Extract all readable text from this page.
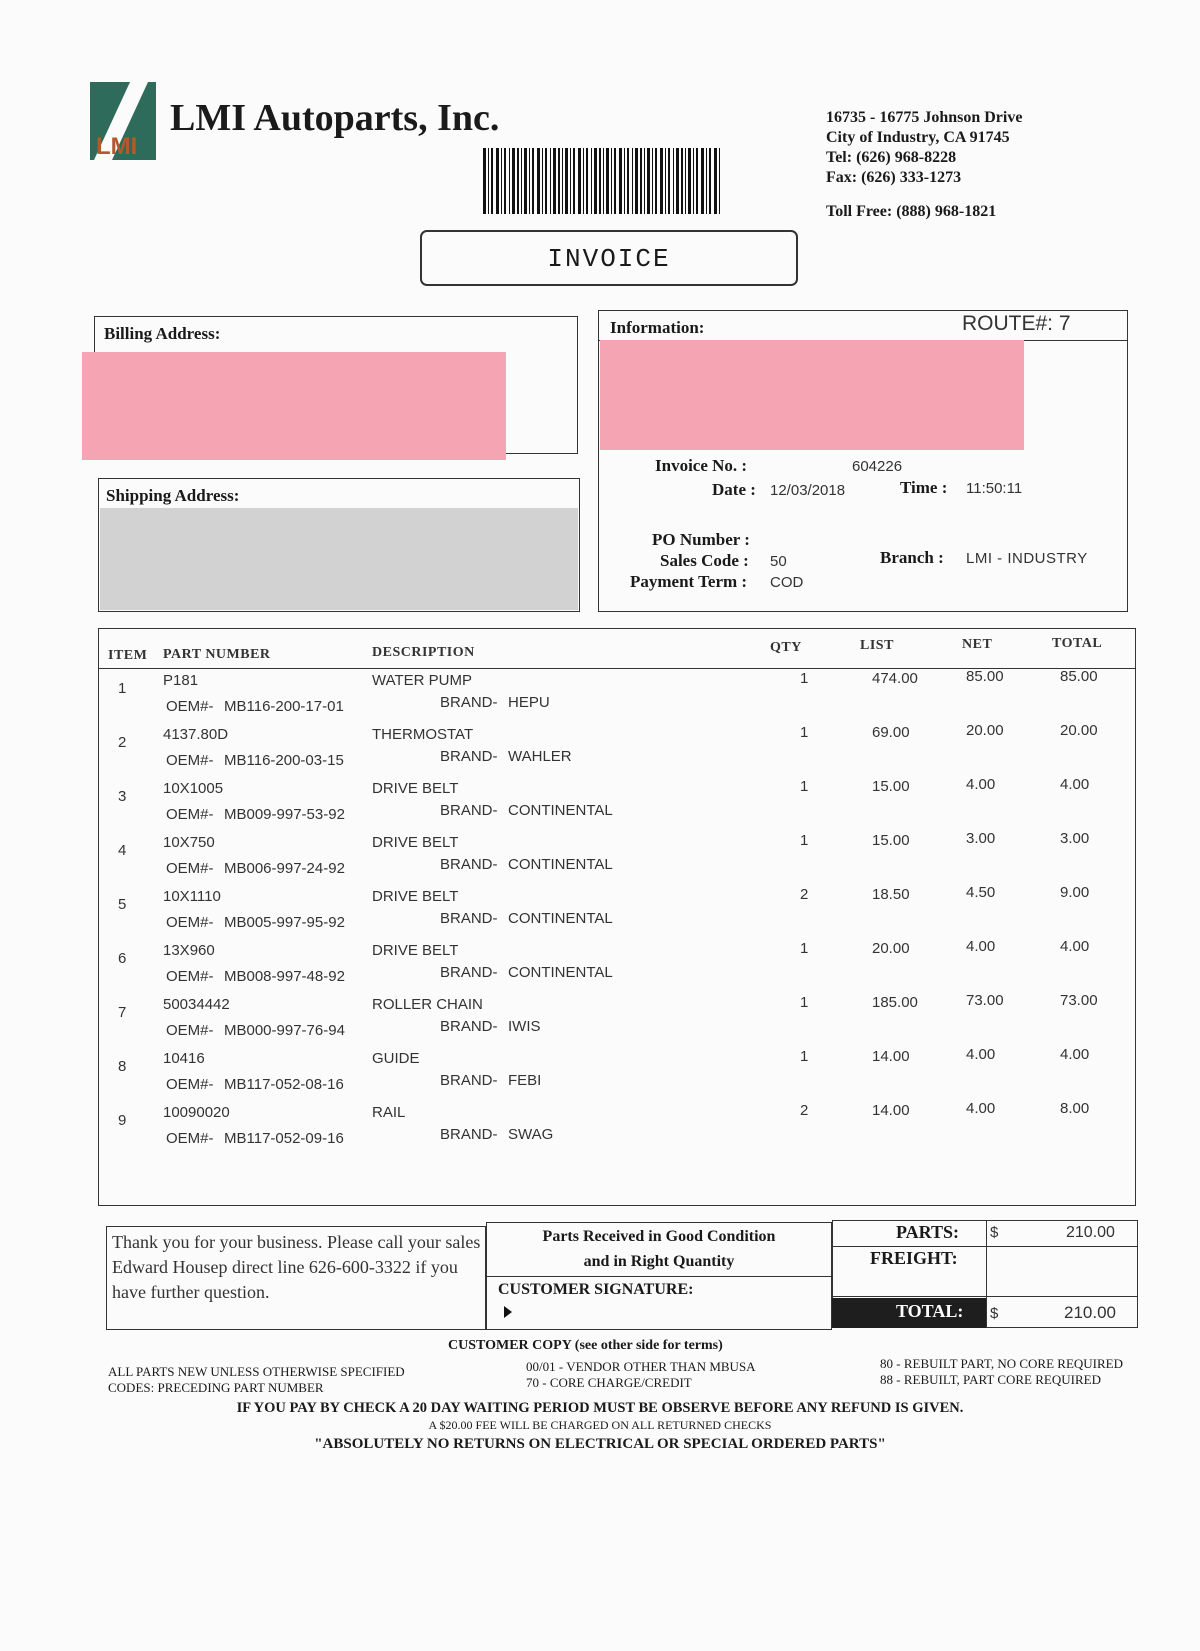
LMI
LMI Autoparts, Inc.	16735 - 16775 Johnson Drive
City of Industry, CA 91745
Tel: (626) 968-8228
Fax: (626) 333-1273
Toll Free: (888) 968-1821
INVOICE
Billing Address:
Shipping Address:
Information:	ROUTE#: 7
Invoice No. :	604226
Date : 12/03/2018	Time : 11:50:11
PO Number :
Sales Code : 50	Branch : LMI - INDUSTRY
Payment Term : COD
ITEM PART NUMBER	DESCRIPTION	QTY	LIST	NET	TOTAL
1 P181
OEM#- MB116-200-17-01
WATER PUMP
BRAND- HEPU
1	474.00	85.00	85.00
2 4137.80D
OEM#- MB116-200-03-15
THERMOSTAT
BRAND- WAHLER
1	69.00	20.00	20.00
3 10X1005
OEM#- MB009-997-53-92
DRIVE BELT
BRAND- CONTINENTAL
1	15.00	4.00	4.00
4 10X750
OEM#- MB006-997-24-92
DRIVE BELT
BRAND- CONTINENTAL
1	15.00	3.00	3.00
5 10X1110
OEM#- MB005-997-95-92
DRIVE BELT
BRAND- CONTINENTAL
2	18.50	4.50	9.00
6 13X960
OEM#- MB008-997-48-92
DRIVE BELT
BRAND- CONTINENTAL
1	20.00	4.00	4.00
7 50034442
OEM#- MB000-997-76-94
ROLLER CHAIN
BRAND- IWIS
1	185.00	73.00	73.00
8 10416
OEM#- MB117-052-08-16
GUIDE
BRAND- FEBI
1	14.00	4.00	4.00
9 10090020
OEM#- MB117-052-09-16
RAIL
BRAND- SWAG
2	14.00	4.00	8.00
Thank you for your business. Please call your sales Edward Housep direct line 626-600-3322 if you have further question.
Parts Received in Good Condition
and in Right Quantity
CUSTOMER SIGNATURE:
PARTS: $	210.00
FREIGHT:
TOTAL: $	210.00
CUSTOMER COPY (see other side for terms)
ALL PARTS NEW UNLESS OTHERWISE SPECIFIED
CODES: PRECEDING PART NUMBER
00/01 - VENDOR OTHER THAN MBUSA
70 - CORE CHARGE/CREDIT
80 - REBUILT PART, NO CORE REQUIRED
88 - REBUILT, PART CORE REQUIRED
IF YOU PAY BY CHECK A 20 DAY WAITING PERIOD MUST BE OBSERVE BEFORE ANY REFUND IS GIVEN.
A $20.00 FEE WILL BE CHARGED ON ALL RETURNED CHECKS
"ABSOLUTELY NO RETURNS ON ELECTRICAL OR SPECIAL ORDERED PARTS"
